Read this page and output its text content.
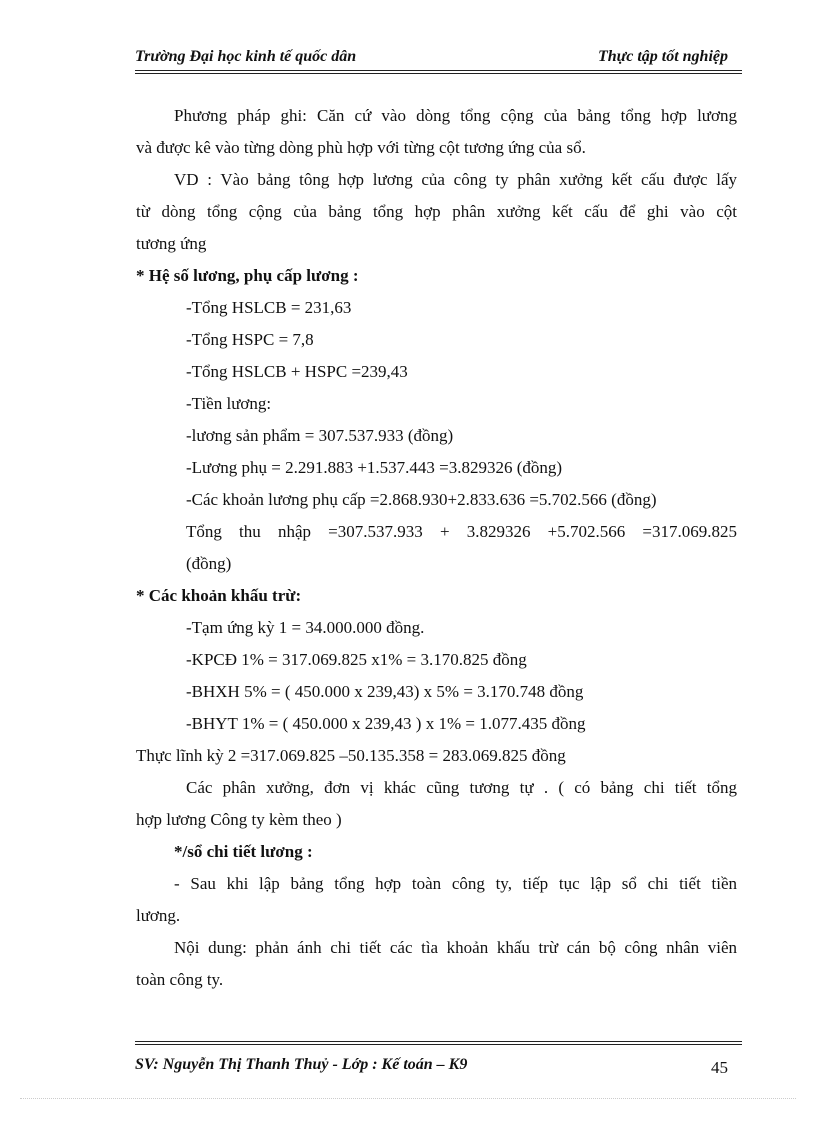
Trường Đại học kinh tế quốc dân	Thực tập tốt nghiệp
Phương pháp ghi: Căn cứ vào dòng tổng cộng của bảng tổng hợp lương
và được kê vào từng dòng phù hợp với từng cột tương ứng của sổ.
VD : Vào bảng tông hợp lương của công ty phân xưởng kết cấu được lấy
từ dòng tổng cộng của bảng tổng hợp phân xưởng kết cấu để ghi vào cột
tương ứng
* Hệ số lương, phụ cấp lương :
-Tổng HSLCB = 231,63
-Tổng HSPC = 7,8
-Tổng HSLCB + HSPC =239,43
-Tiền lương:
-lương sản phẩm = 307.537.933 (đồng)
-Lương phụ = 2.291.883 +1.537.443 =3.829326 (đồng)
-Các khoản lương phụ cấp =2.868.930+2.833.636 =5.702.566 (đồng)
Tổng thu nhập =307.537.933 + 3.829326 +5.702.566 =317.069.825
(đồng)
* Các khoản khấu trừ:
-Tạm ứng kỳ 1 = 34.000.000 đồng.
-KPCĐ 1% = 317.069.825 x1% = 3.170.825 đồng
-BHXH 5% = ( 450.000 x 239,43) x 5% = 3.170.748 đồng
-BHYT 1% = ( 450.000 x 239,43 ) x 1% = 1.077.435 đồng
Thực lĩnh kỳ 2 =317.069.825 –50.135.358 = 283.069.825 đồng
Các phân xưởng, đơn vị khác cũng tương tự . ( có bảng chi tiết tổng
hợp lương Công ty kèm theo )
*/sổ chi tiết lương :
- Sau khi lập bảng tổng hợp toàn công ty, tiếp tục lập sổ chi tiết tiền
lương.
Nội dung: phản ánh chi tiết các tìa khoản khấu trừ cán bộ công nhân viên
toàn công ty.
SV: Nguyễn Thị Thanh Thuỷ - Lớp : Kế toán – K9	45
